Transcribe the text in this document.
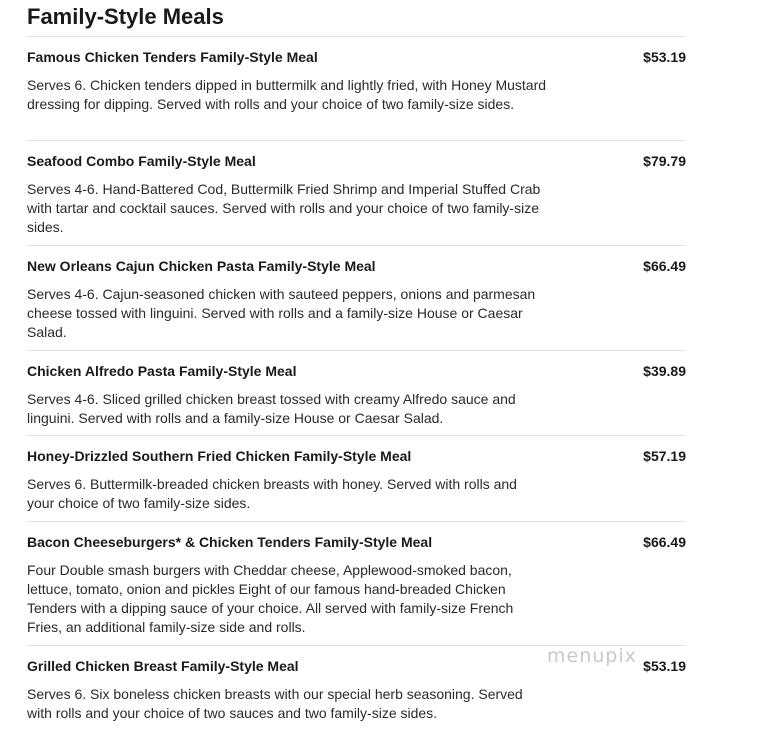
Family-Style Meals
Famous Chicken Tenders Family-Style Meal	$53.19
Serves 6. Chicken tenders dipped in buttermilk and lightly fried, with Honey Mustard dressing for dipping. Served with rolls and your choice of two family-size sides.
Seafood Combo Family-Style Meal	$79.79
Serves 4-6. Hand-Battered Cod, Buttermilk Fried Shrimp and Imperial Stuffed Crab with tartar and cocktail sauces. Served with rolls and your choice of two family-size sides.
New Orleans Cajun Chicken Pasta Family-Style Meal	$66.49
Serves 4-6. Cajun-seasoned chicken with sauteed peppers, onions and parmesan cheese tossed with linguini. Served with rolls and a family-size House or Caesar Salad.
Chicken Alfredo Pasta Family-Style Meal	$39.89
Serves 4-6. Sliced grilled chicken breast tossed with creamy Alfredo sauce and linguini. Served with rolls and a family-size House or Caesar Salad.
Honey-Drizzled Southern Fried Chicken Family-Style Meal	$57.19
Serves 6. Buttermilk-breaded chicken breasts with honey. Served with rolls and your choice of two family-size sides.
Bacon Cheeseburgers* & Chicken Tenders Family-Style Meal	$66.49
Four Double smash burgers with Cheddar cheese, Applewood-smoked bacon, lettuce, tomato, onion and pickles Eight of our famous hand-breaded Chicken Tenders with a dipping sauce of your choice. All served with family-size French Fries, an additional family-size side and rolls.
Grilled Chicken Breast Family-Style Meal	$53.19
Serves 6. Six boneless chicken breasts with our special herb seasoning. Served with rolls and your choice of two sauces and two family-size sides.
menupix
